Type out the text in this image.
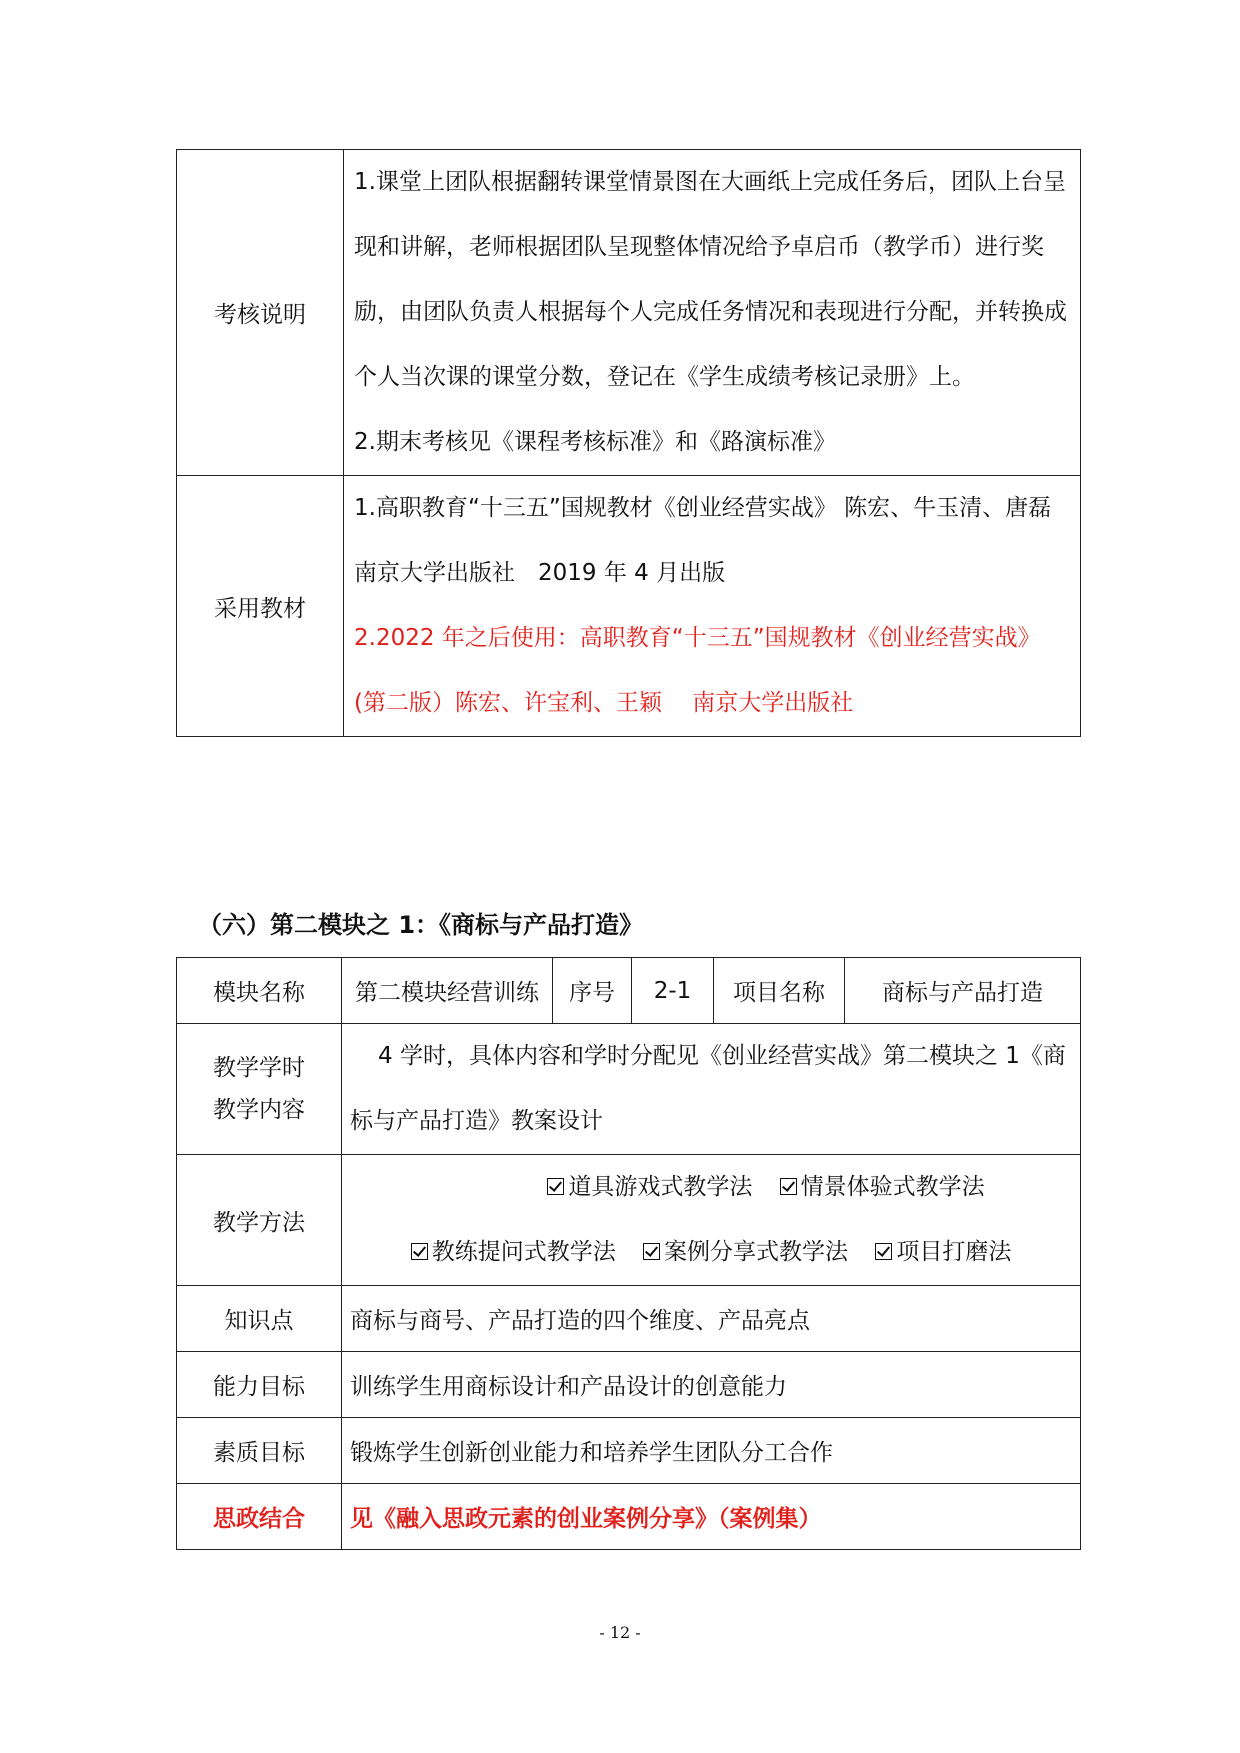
考核说明	1.课堂上团队根据翻转课堂情景图在大画纸上完成任务后，团队上台呈现和讲解，老师根据团队呈现整体情况给予卓启币（教学币）进行奖励，由团队负责人根据每个人完成任务情况和表现进行分配，并转换成个人当次课的课堂分数，登记在《学生成绩考核记录册》上。
2.期末考核见《课程考核标准》和《路演标准》

采用教材	1.高职教育“十三五”国规教材《创业经营实战》 陈宏、牛玉清、唐磊　 南京大学出版社　2019 年 4 月出版
2.2022 年之后使用：高职教育“十三五”国规教材《创业经营实战》　(第二版）陈宏、许宝利、王颖　 南京大学出版社
（六）第二模块之 1：《商标与产品打造》
模块名称	第二模块经营训练	序号	2-1	项目名称	商标与产品打造

教学学时
教学内容	4 学时，具体内容和学时分配见《创业经营实战》第二模块之 1《商标与产品打造》教案设计				

教学方法	道具游戏式教学法 情景体验式教学法
教练提问式教学法 案例分享式教学法 项目打磨法				

知识点	商标与商号、产品打造的四个维度、产品亮点				
能力目标	训练学生用商标设计和产品设计的创意能力				
素质目标	锻炼学生创新创业能力和培养学生团队分工合作				
思政结合	见《融入思政元素的创业案例分享》（案例集）				
- 12 -
